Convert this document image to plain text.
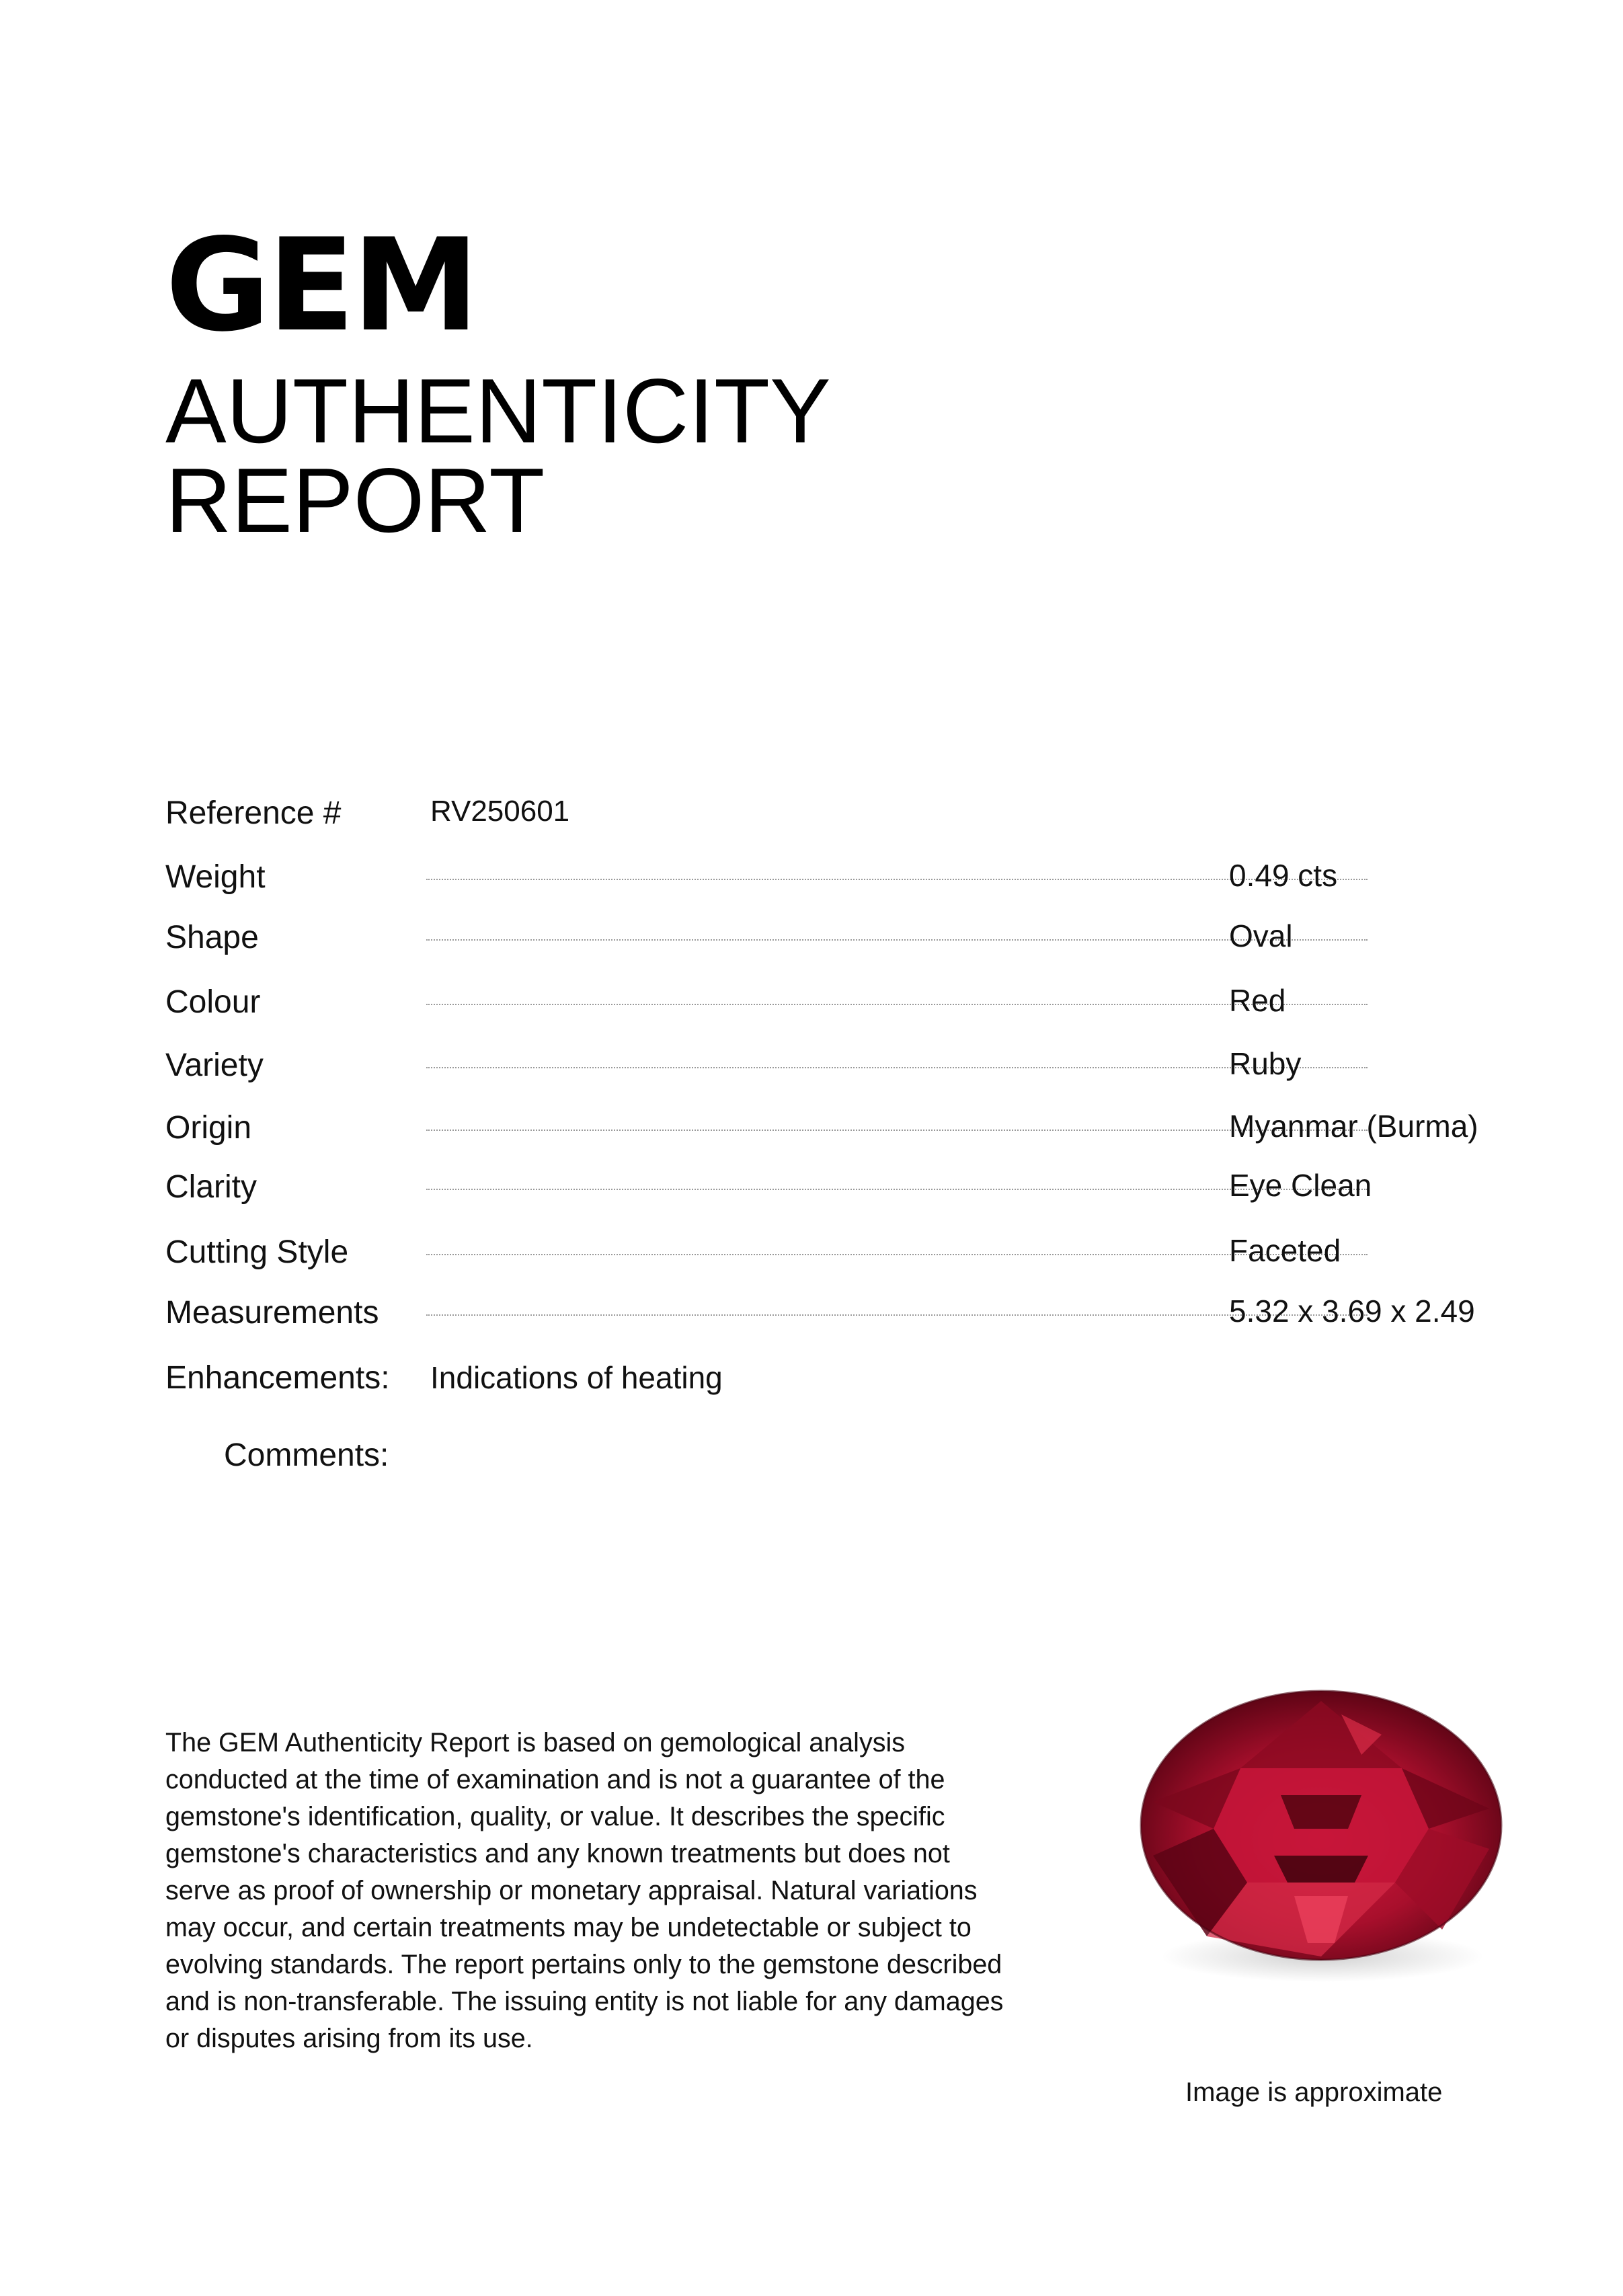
GEM
AUTHENTICITY
REPORT
Reference #	RV250601
Weight	0.49 cts
Shape	Oval
Colour	Red
Variety	Ruby
Origin	Myanmar (Burma)
Clarity	Eye Clean
Cutting Style	Faceted
Measurements	5.32 x 3.69 x 2.49
Enhancements: Indications of heating
Comments:

The GEM Authenticity Report is based on gemological analysis conducted at the time of examination and is not a guarantee of the gemstone's identification, quality, or value. It describes the specific gemstone's characteristics and any known treatments but does not serve as proof of ownership or monetary appraisal. Natural variations may occur, and certain treatments may be undetectable or subject to evolving standards. The report pertains only to the gemstone described and is non-transferable. The issuing entity is not liable for any damages or disputes arising from its use.

Image is approximate
